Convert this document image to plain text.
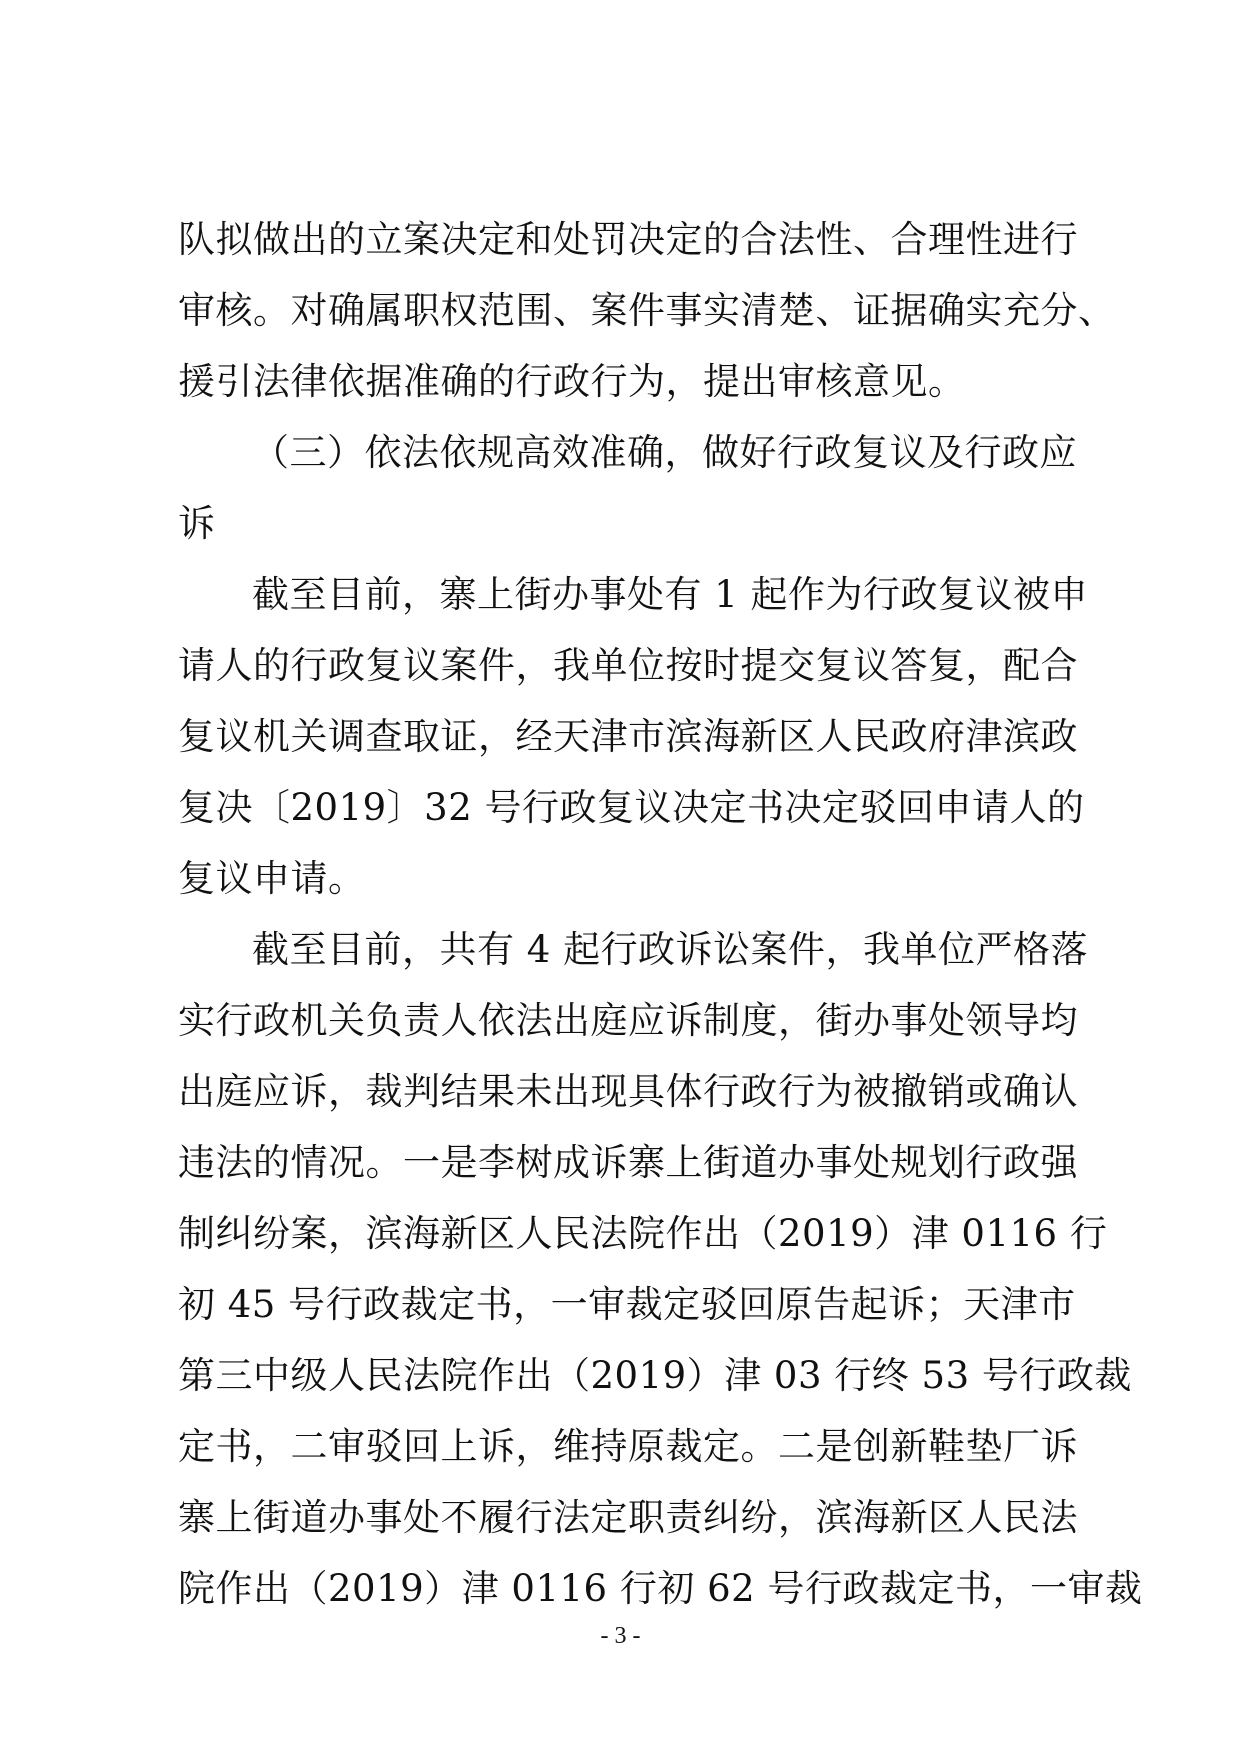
队拟做出的立案决定和处罚决定的合法性、合理性进行
审核。对确属职权范围、案件事实清楚、证据确实充分、
援引法律依据准确的行政行为，提出审核意见。
（三）依法依规高效准确，做好行政复议及行政应
诉
截至目前，寨上街办事处有 1 起作为行政复议被申
请人的行政复议案件，我单位按时提交复议答复，配合
复议机关调查取证，经天津市滨海新区人民政府津滨政
复决〔2019〕32 号行政复议决定书决定驳回申请人的
复议申请。
截至目前，共有 4 起行政诉讼案件，我单位严格落
实行政机关负责人依法出庭应诉制度，街办事处领导均
出庭应诉，裁判结果未出现具体行政行为被撤销或确认
违法的情况。一是李树成诉寨上街道办事处规划行政强
制纠纷案，滨海新区人民法院作出（2019）津 0116 行
初 45 号行政裁定书，一审裁定驳回原告起诉；天津市
第三中级人民法院作出（2019）津 03 行终 53 号行政裁
定书，二审驳回上诉，维持原裁定。二是创新鞋垫厂诉
寨上街道办事处不履行法定职责纠纷，滨海新区人民法
院作出（2019）津 0116 行初 62 号行政裁定书，一审裁
- 3 -
